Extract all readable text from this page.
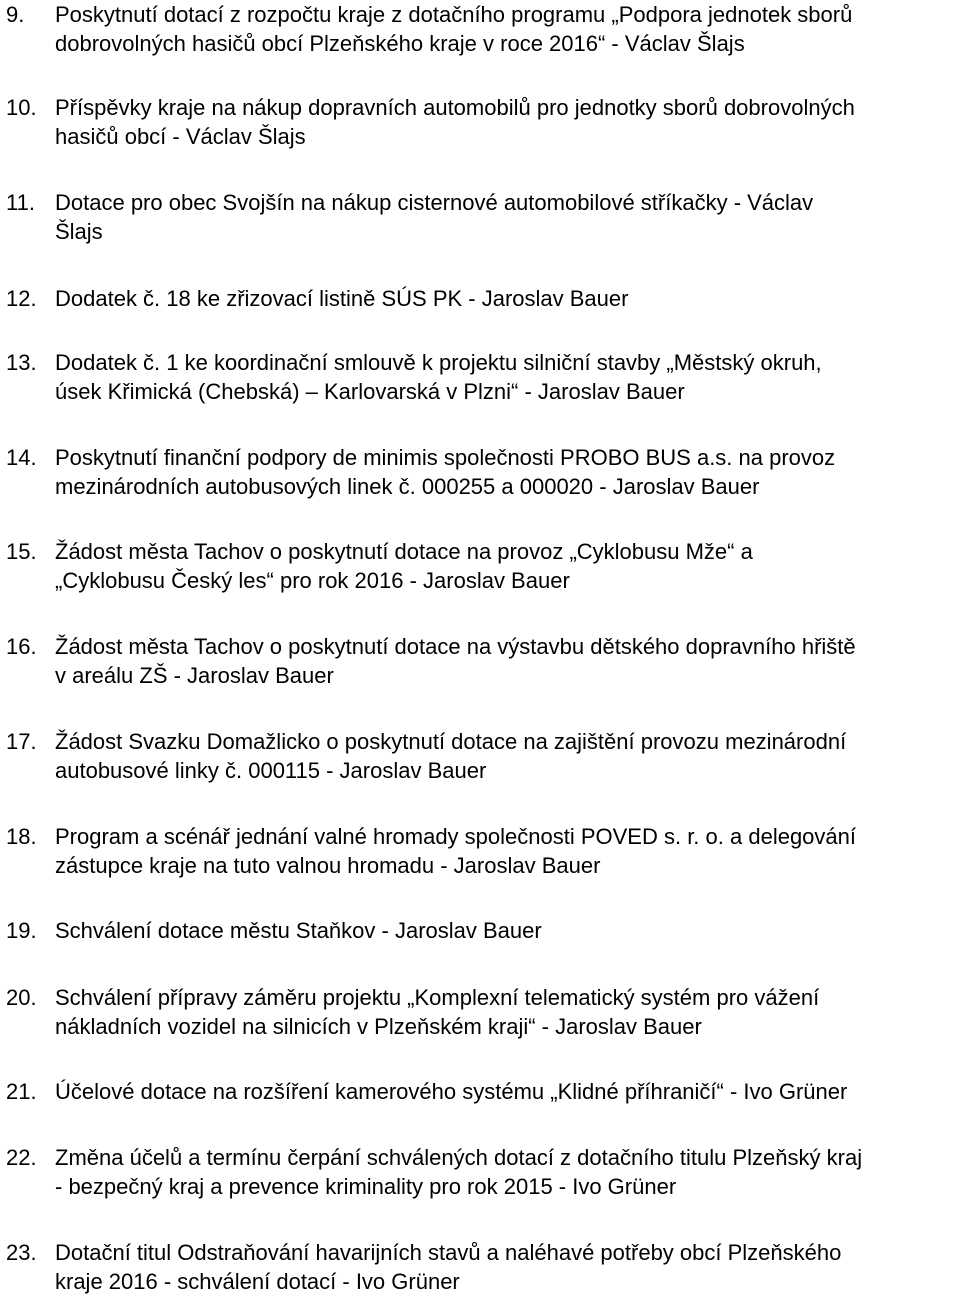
9. Poskytnutí dotací z rozpočtu kraje z dotačního programu „Podpora jednotek sborů
dobrovolných hasičů obcí Plzeňského kraje v roce 2016“ - Václav Šlajs
10. Příspěvky kraje na nákup dopravních automobilů pro jednotky sborů dobrovolných
hasičů obcí - Václav Šlajs
11. Dotace pro obec Svojšín na nákup cisternové automobilové stříkačky - Václav
Šlajs
12. Dodatek č. 18 ke zřizovací listině SÚS PK - Jaroslav Bauer
13. Dodatek č. 1 ke koordinační smlouvě k projektu silniční stavby „Městský okruh,
úsek Křimická (Chebská) – Karlovarská v Plzni“ - Jaroslav Bauer
14. Poskytnutí finanční podpory de minimis společnosti PROBO BUS a.s. na provoz
mezinárodních autobusových linek č. 000255 a 000020 - Jaroslav Bauer
15. Žádost města Tachov o poskytnutí dotace na provoz „Cyklobusu Mže“ a
„Cyklobusu Český les“ pro rok 2016 - Jaroslav Bauer
16. Žádost města Tachov o poskytnutí dotace na výstavbu dětského dopravního hřiště
v areálu ZŠ - Jaroslav Bauer
17. Žádost Svazku Domažlicko o poskytnutí dotace na zajištění provozu mezinárodní
autobusové linky č. 000115 - Jaroslav Bauer
18. Program a scénář jednání valné hromady společnosti POVED s. r. o. a delegování
zástupce kraje na tuto valnou hromadu - Jaroslav Bauer
19. Schválení dotace městu Staňkov - Jaroslav Bauer
20. Schválení přípravy záměru projektu „Komplexní telematický systém pro vážení
nákladních vozidel na silnicích v Plzeňském kraji“ - Jaroslav Bauer
21. Účelové dotace na rozšíření kamerového systému „Klidné příhraničí“ - Ivo Grüner
22. Změna účelů a termínu čerpání schválených dotací z dotačního titulu Plzeňský kraj
- bezpečný kraj a prevence kriminality pro rok 2015 - Ivo Grüner
23. Dotační titul Odstraňování havarijních stavů a naléhavé potřeby obcí Plzeňského
kraje 2016 - schválení dotací - Ivo Grüner
